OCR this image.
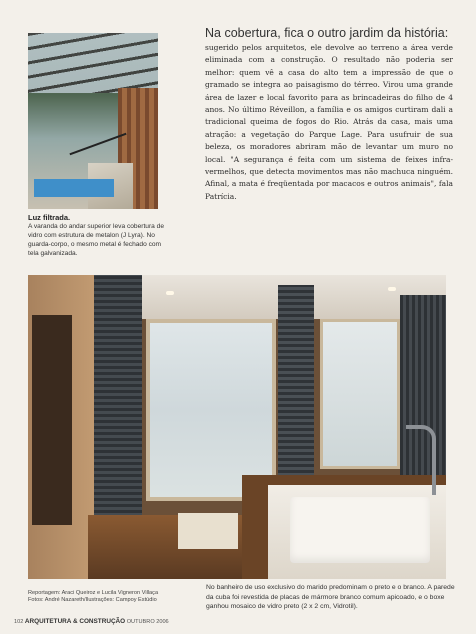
Luz filtrada.
A varanda do andar superior leva cobertura de vidro com estrutura de metalon (J Lyra). No guarda-corpo, o mesmo metal é fechado com tela galvanizada.
Na cobertura, fica o outro jardim da história:
sugerido pelos arquitetos, ele devolve ao terreno a área verde eliminada com a construção. O resultado não poderia ser melhor: quem vê a casa do alto tem a impressão de que o gramado se integra ao paisagismo do térreo. Virou uma grande área de lazer e local favorito para as brincadeiras do filho de 4 anos. No último Réveillon, a família e os amigos curtiram dali a tradicional queima de fogos do Rio. Atrás da casa, mais uma atração: a vegetação do Parque Lage. Para usufruir de sua beleza, os moradores abriram mão de levantar um muro no local. "A segurança é feita com um sistema de feixes infra-vermelhos, que detecta movimentos mas não machuca ninguém. Afinal, a mata é freqüentada por macacos e outros animais", fala Patrícia.
No banheiro de uso exclusivo do marido predominam o preto e o branco. A parede da cuba foi revestida de placas de mármore branco comum apicoado, e o boxe ganhou mosaico de vidro preto (2 x 2 cm, Vidrotil).
Reportagem: Araci Queiroz e Lucila Vigneron Villaça
Fotos: André Nazareth/Ilustrações: Campoy Estúdio
102 ARQUITETURA & CONSTRUÇÃO OUTUBRO 2006
